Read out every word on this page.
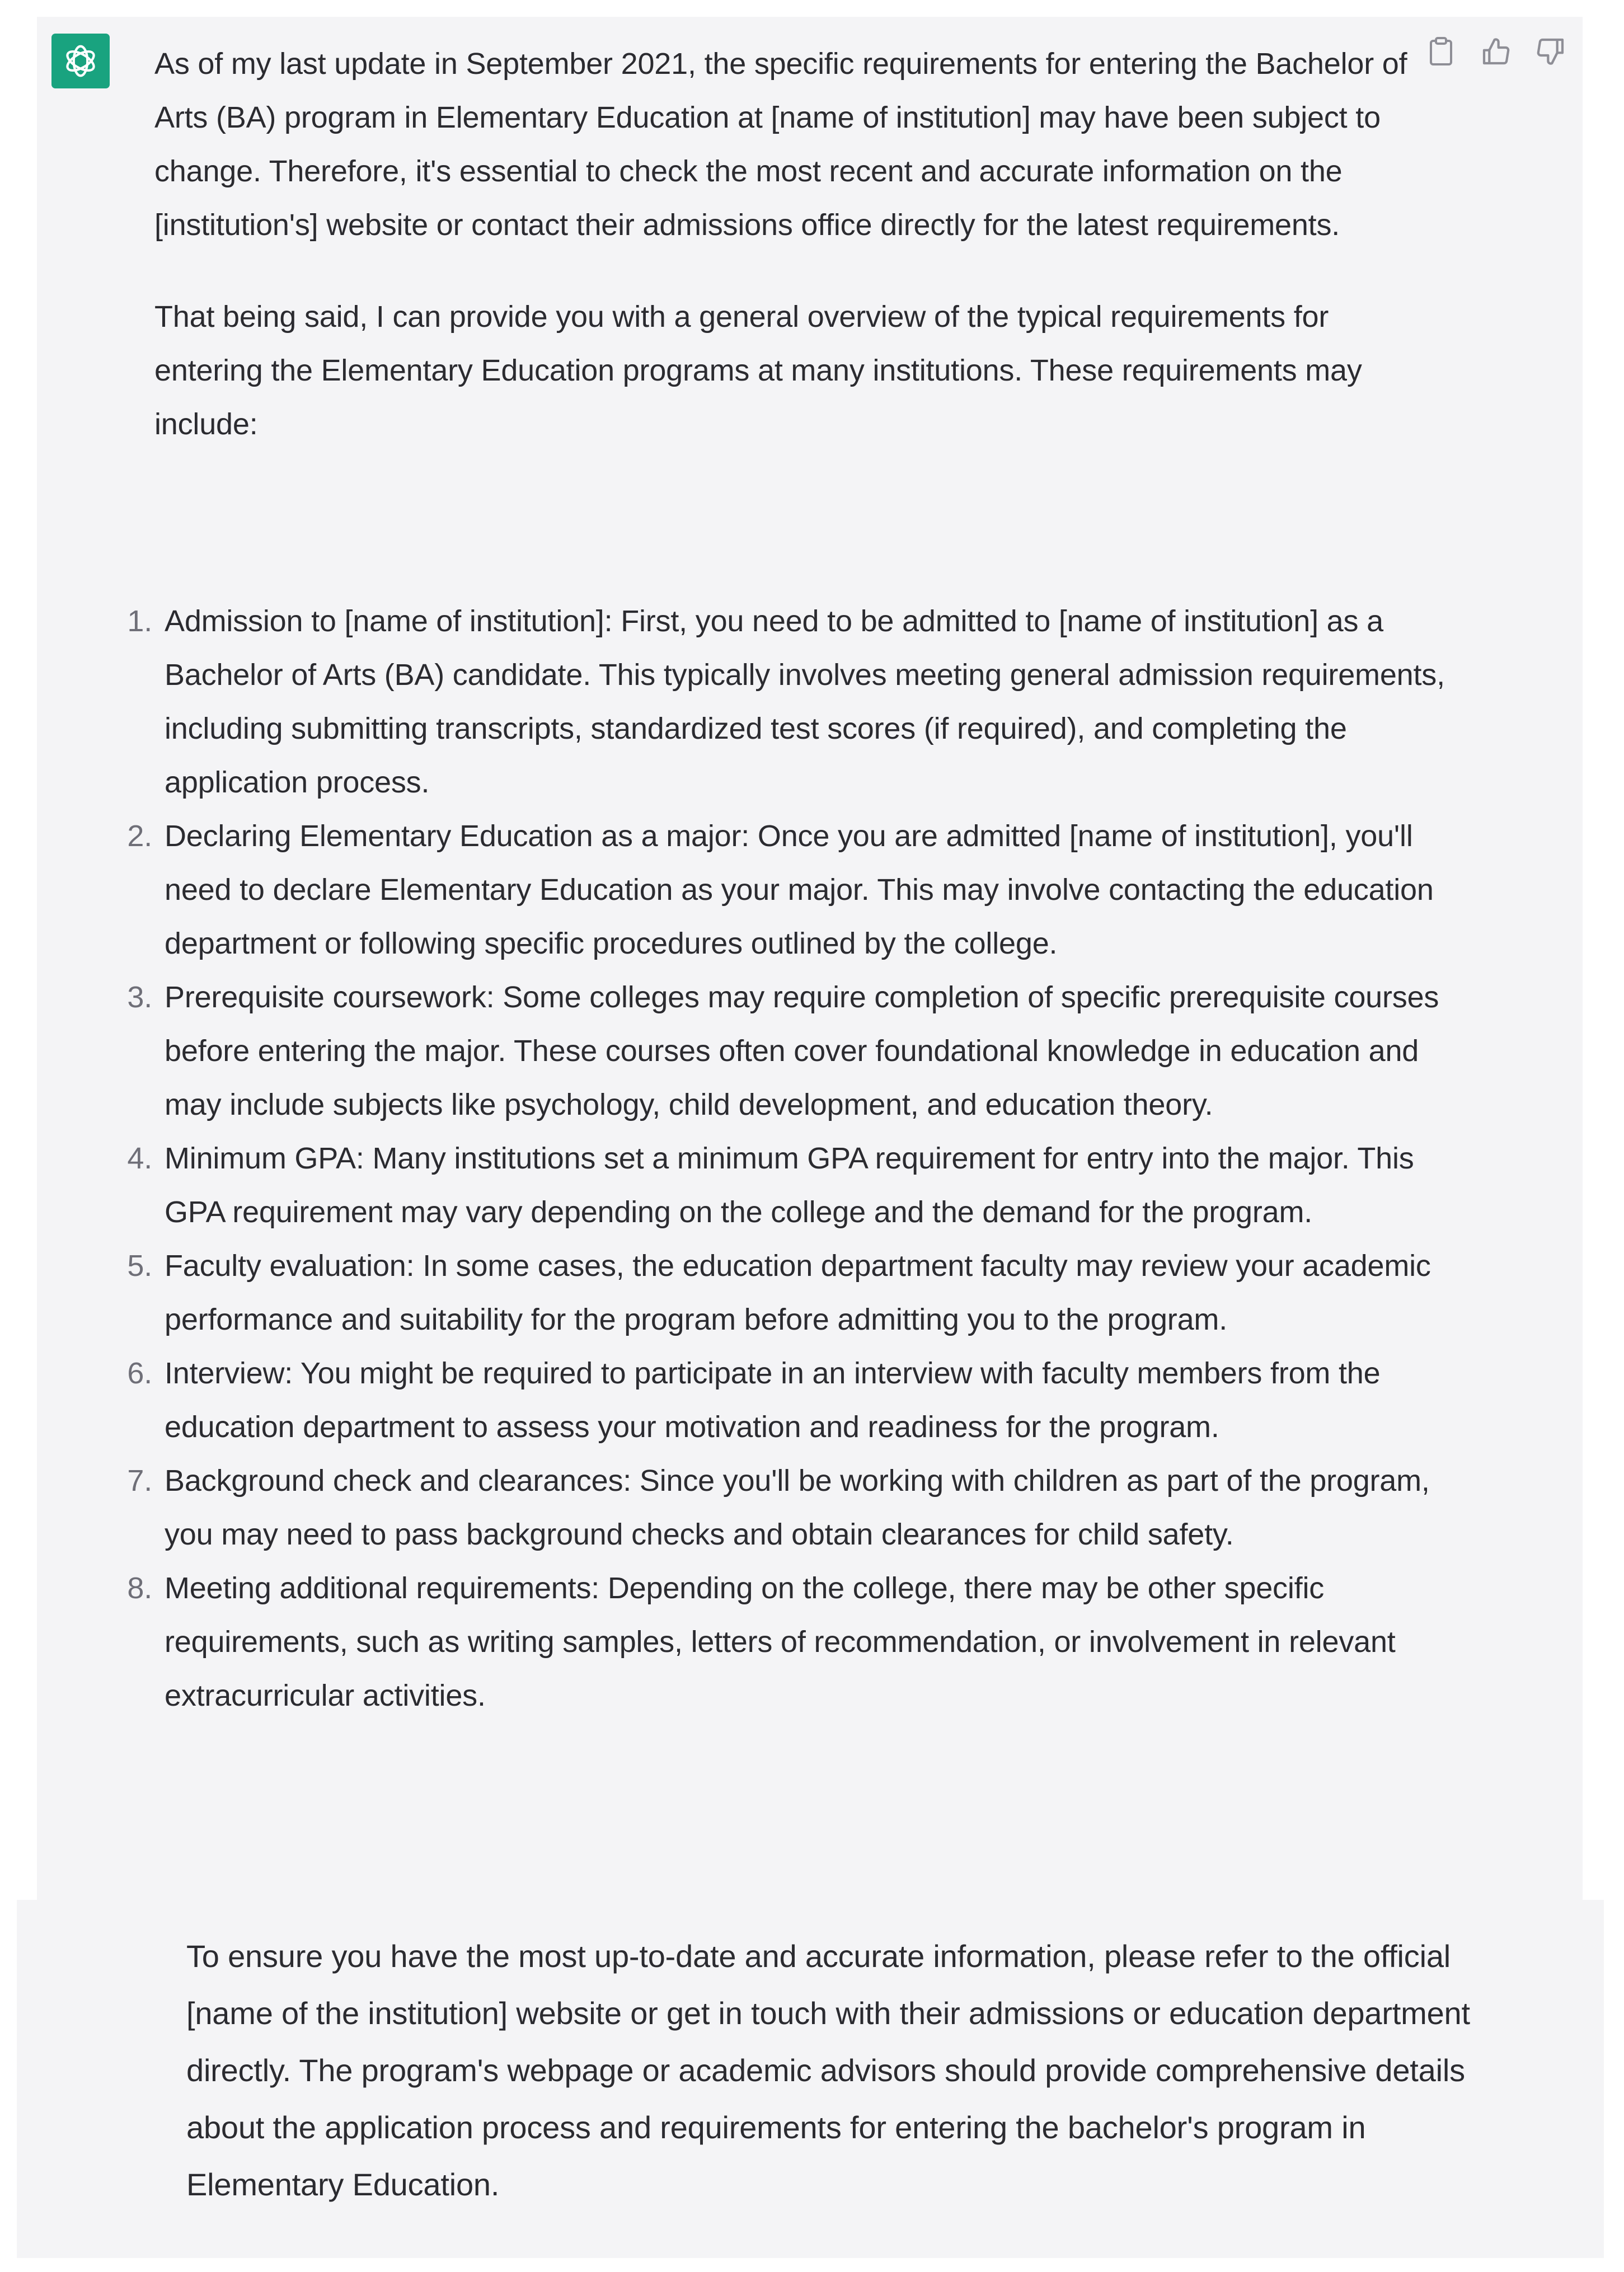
As of my last update in September 2021, the specific requirements for entering the Bachelor of Arts (BA) program in Elementary Education at [name of institution] may have been subject to change. Therefore, it's essential to check the most recent and accurate information on the [institution's] website or contact their admissions office directly for the latest requirements.

That being said, I can provide you with a general overview of the typical requirements for entering the Elementary Education programs at many institutions. These requirements may include:

1. Admission to [name of institution]: First, you need to be admitted to [name of institution] as a Bachelor of Arts (BA) candidate. This typically involves meeting general admission requirements, including submitting transcripts, standardized test scores (if required), and completing the application process.
2. Declaring Elementary Education as a major: Once you are admitted [name of institution], you'll need to declare Elementary Education as your major. This may involve contacting the education department or following specific procedures outlined by the college.
3. Prerequisite coursework: Some colleges may require completion of specific prerequisite courses before entering the major. These courses often cover foundational knowledge in education and may include subjects like psychology, child development, and education theory.
4. Minimum GPA: Many institutions set a minimum GPA requirement for entry into the major. This GPA requirement may vary depending on the college and the demand for the program.
5. Faculty evaluation: In some cases, the education department faculty may review your academic performance and suitability for the program before admitting you to the program.
6. Interview: You might be required to participate in an interview with faculty members from the education department to assess your motivation and readiness for the program.
7. Background check and clearances: Since you'll be working with children as part of the program, you may need to pass background checks and obtain clearances for child safety.
8. Meeting additional requirements: Depending on the college, there may be other specific requirements, such as writing samples, letters of recommendation, or involvement in relevant extracurricular activities.

To ensure you have the most up-to-date and accurate information, please refer to the official [name of the institution] website or get in touch with their admissions or education department directly. The program's webpage or academic advisors should provide comprehensive details about the application process and requirements for entering the bachelor's program in Elementary Education.
